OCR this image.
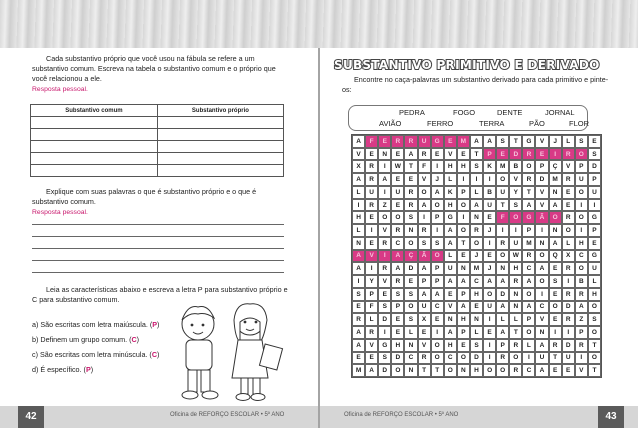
Cada substantivo próprio que você usou na fábula se refere a um substantivo comum. Escreva na tabela o substantivo comum e o próprio que você relacionou a ele.

Resposta pessoal.

Substantivo comum	Substantivo próprio

Explique com suas palavras o que é substantivo próprio e o que é substantivo comum.

Resposta pessoal.

Leia as características abaixo e escreva a letra P para substantivo próprio e C para substantivo comum.

a) São escritas com letra maiúscula. (P)

b) Definem um grupo comum. (C)

c) São escritas com letra minúscula. (C)

d) É específico. (P)

42	Oficina de REFORÇO ESCOLAR • 5º ANO
SUBSTANTIVO PRIMITIVO E DERIVADO

Encontre no caça-palavras um substantivo derivado para cada primitivo e pinte-os:

PEDRA	FOGO	DENTE	JORNAL
AVIÃO	FERRO	TERRA	PÃO	FLOR
A	F	E	R	R	U	G	E	M	A	A	S	T	G	V	J	L	S	E
V	E	N	E	A	R	E	V	E	T	P	E	D	R	E	I	R	O	S
X	R	I	W	T	F	I	H	H	S	K	M	B	O	P	Ç	V	P	D
A	R	A	E	E	V	J	L	I	I	I	O	V	R	D	M	R	U	P
L	U	I	U	R	O	A	K	P	L	B	U	Y	T	V	N	E	O	U
I	R	Z	E	R	A	O	H	O	A	U	T	S	A	V	A	E	I	I
H	E	O	O	S	I	P	G	I	N	E	F	O	G	Ã	O	R	O	G
L	I	V	R	N	R	I	A	O	R	J	I	I	P	I	N	O	I	P
N	E	R	C	O	S	S	A	T	O	I	R	U	M	N	A	L	H	E
A	V	I	A	Ç	Ã	O	L	E	J	E	O	W	R	O	Q	X	C	G
A	I	R	A	D	A	P	U	N	M	J	N	H	C	A	E	R	O	U
I	Y	V	R	E	P	P	A	A	C	A	A	R	A	O	S	I	B	L
S	P	E	S	S	A	A	E	P	H	O	D	N	O	I	E	R	R	H
E	F	S	P	O	U	C	V	A	E	U	A	N	A	C	O	D	A	O
R	L	D	E	S	X	E	N	H	N	I	L	L	P	V	E	R	Z	S
A	R	I	E	L	E	I	A	P	L	E	A	T	O	N	I	I	P	O
A	V	G	H	N	V	O	H	E	S	I	P	R	L	A	R	D	R	T
E	E	S	D	C	R	O	C	O	D	I	R	O	I	U	T	U	I	O
M	A	D	O	N	T	T	O	N	H	O	O	R	C	A	E	E	V	T
Oficina de REFORÇO ESCOLAR • 5º ANO	43
